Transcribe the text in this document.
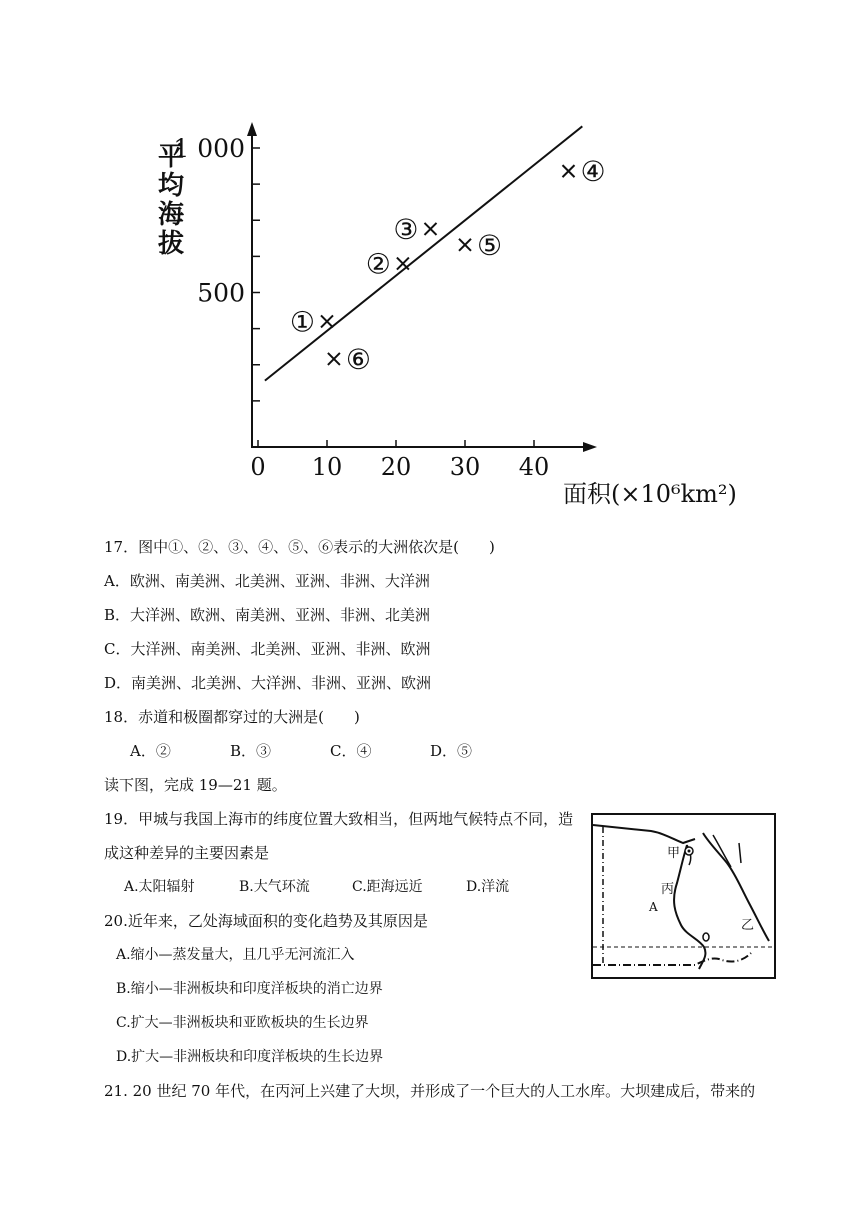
500
1 000
0 10 20 30 40
①
②
③
④
⑤
⑥
平均海拔
面积(×10⁶km²)
17．图中①、②、③、④、⑤、⑥表示的大洲依次是(　　)
A．欧洲、南美洲、北美洲、亚洲、非洲、大洋洲
B．大洋洲、欧洲、南美洲、亚洲、非洲、北美洲
C．大洋洲、南美洲、北美洲、亚洲、非洲、欧洲
D．南美洲、北美洲、大洋洲、非洲、亚洲、欧洲
18．赤道和极圈都穿过的大洲是(　　)
A．②	B．③	C．④	D．⑤
读下图，完成 19—21 题。
19．甲城与我国上海市的纬度位置大致相当，但两地气候特点不同，造
成这种差异的主要因素是
A.太阳辐射	B.大气环流	C.距海远近	D.洋流
20.近年来，乙处海域面积的变化趋势及其原因是
A.缩小—蒸发量大，且几乎无河流汇入
B.缩小—非洲板块和印度洋板块的消亡边界
C.扩大—非洲板块和亚欧板块的生长边界
D.扩大—非洲板块和印度洋板块的生长边界
21. 20 世纪 70 年代，在丙河上兴建了大坝，并形成了一个巨大的人工水库。大坝建成后，带来的
甲
丙
A
乙
